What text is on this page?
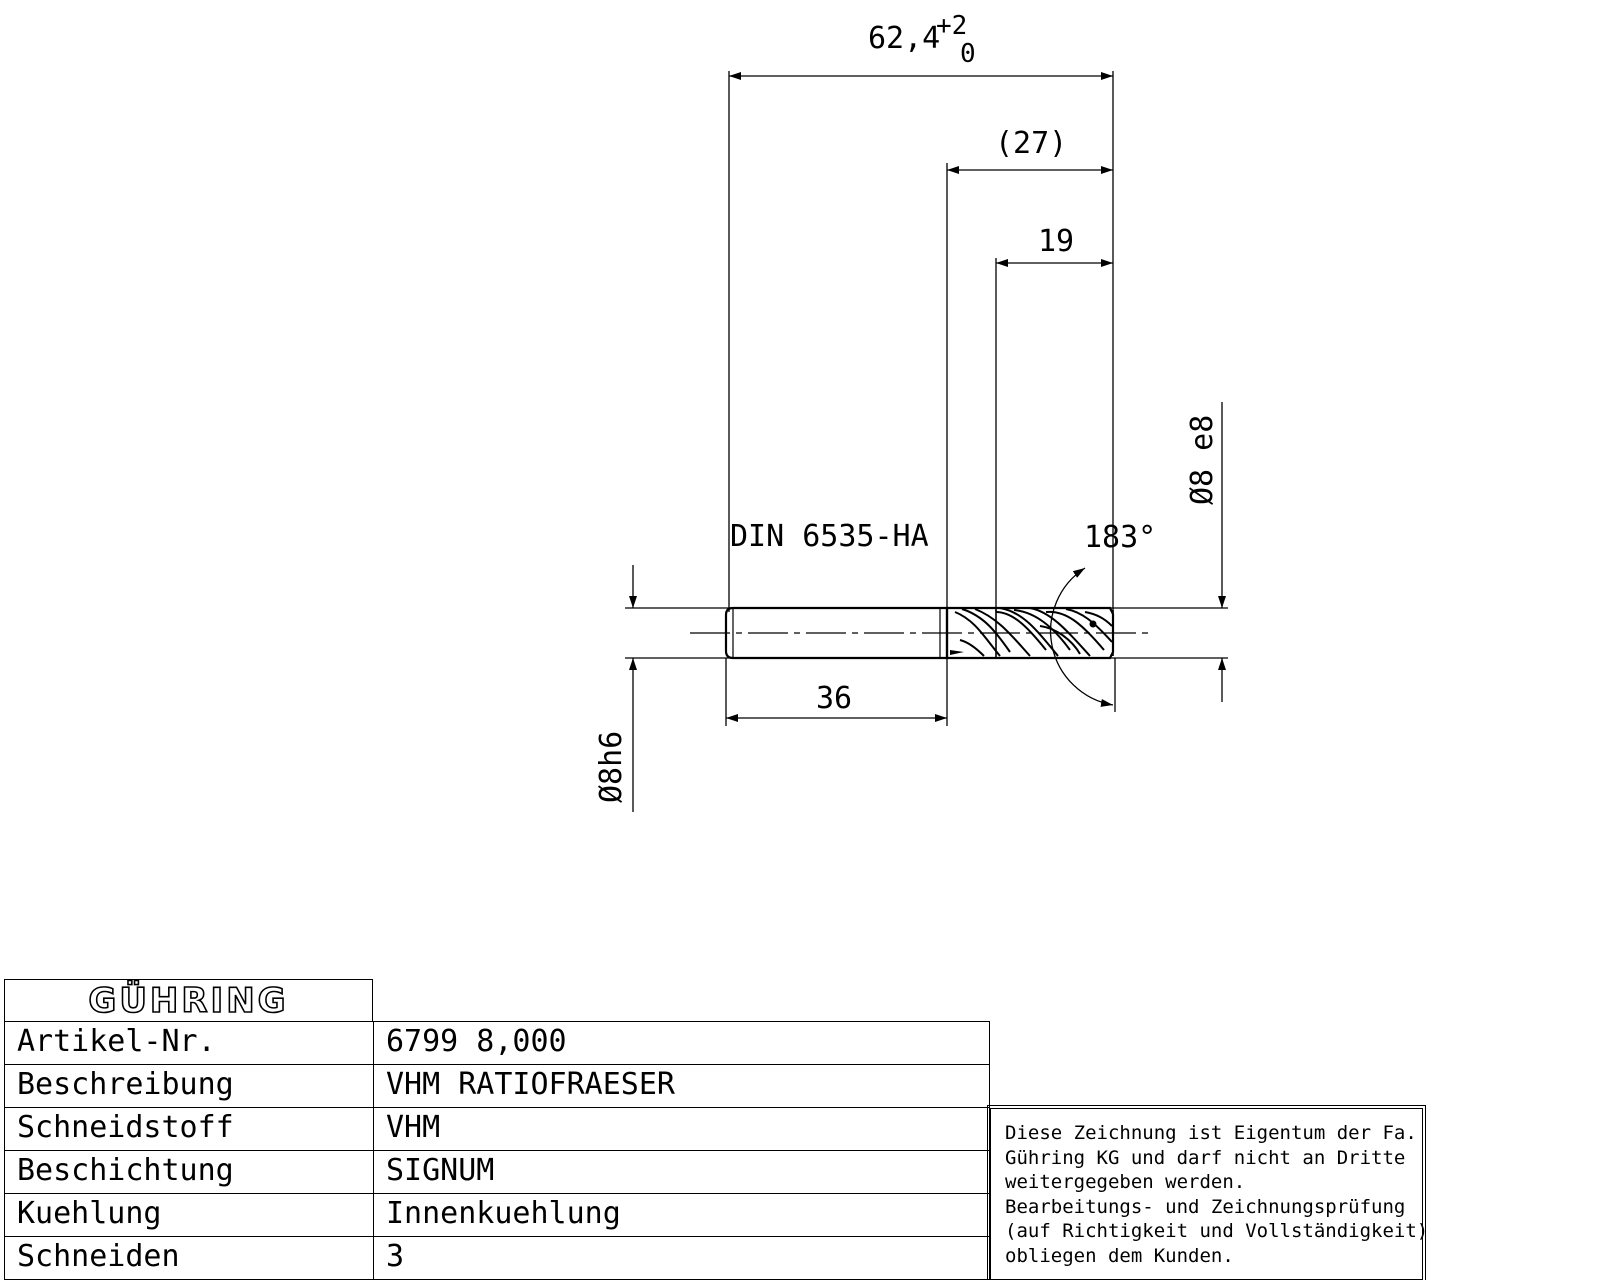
62,4
+2
0
(27)
19
36
DIN 6535-HA	183°
Ø8 e8
Ø8h6
GÜHRING
Artikel-Nr.	6799 8,000
Beschreibung	VHM RATIOFRAESER
Schneidstoff	VHM
Beschichtung	SIGNUM
Kuehlung	Innenkuehlung
Schneiden	3
Diese Zeichnung ist Eigentum der Fa.
Gühring KG und darf nicht an Dritte
weitergegeben werden.
Bearbeitungs- und Zeichnungsprüfung
(auf Richtigkeit und Vollständigkeit)
obliegen dem Kunden.
